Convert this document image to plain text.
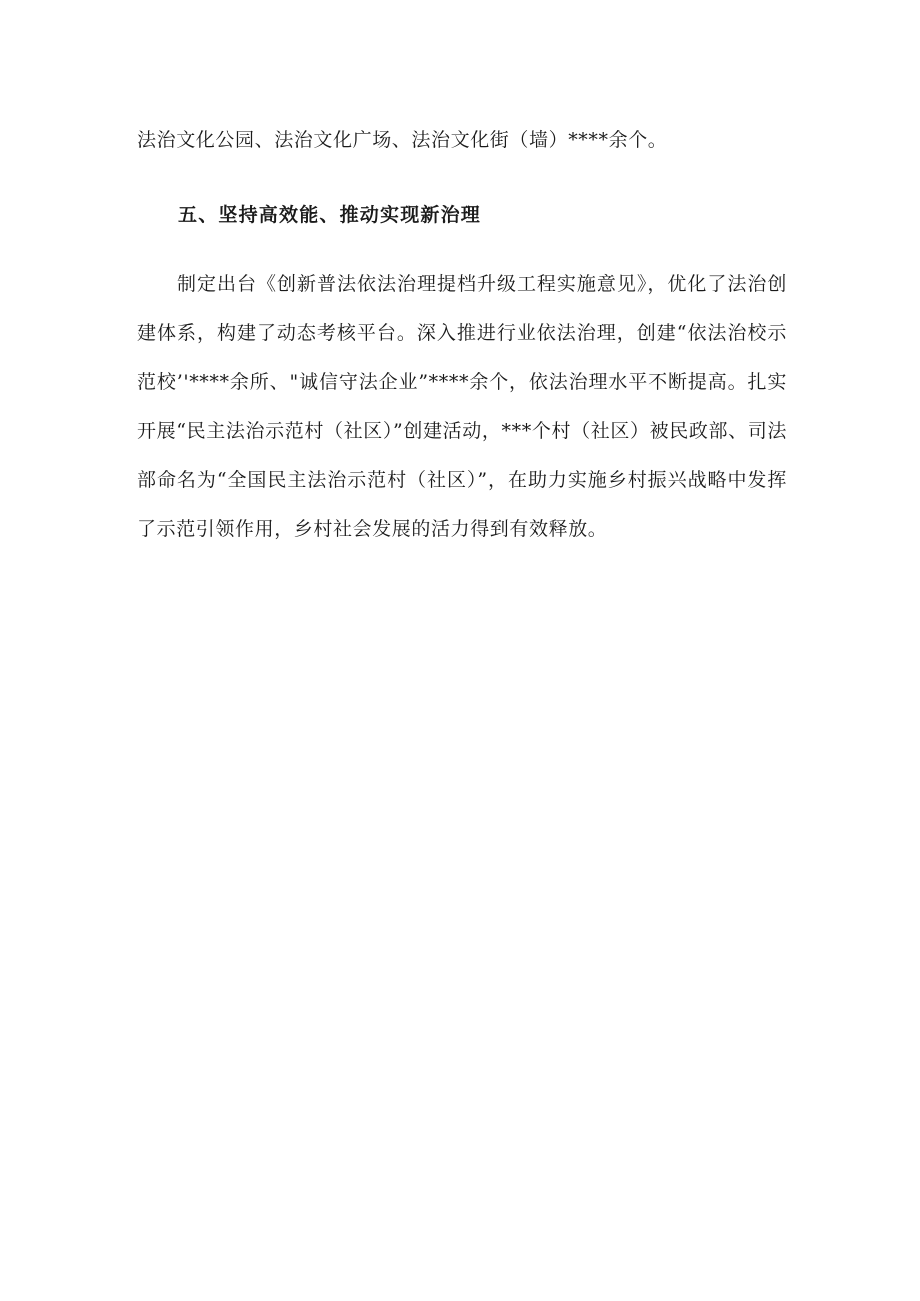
法治文化公园、法治文化广场、法治文化街（墙）****余个。

五、坚持高效能、推动实现新治理

制定出台《创新普法依法治理提档升级工程实施意见》，优化了法治创建体系，构建了动态考核平台。深入推进行业依法治理，创建“依法治校示范校’'****余所、"诚信守法企业”****余个，依法治理水平不断提高。扎实开展“民主法治示范村（社区）”创建活动，***个村（社区）被民政部、司法部命名为“全国民主法治示范村（社区）”，在助力实施乡村振兴战略中发挥了示范引领作用，乡村社会发展的活力得到有效释放。
